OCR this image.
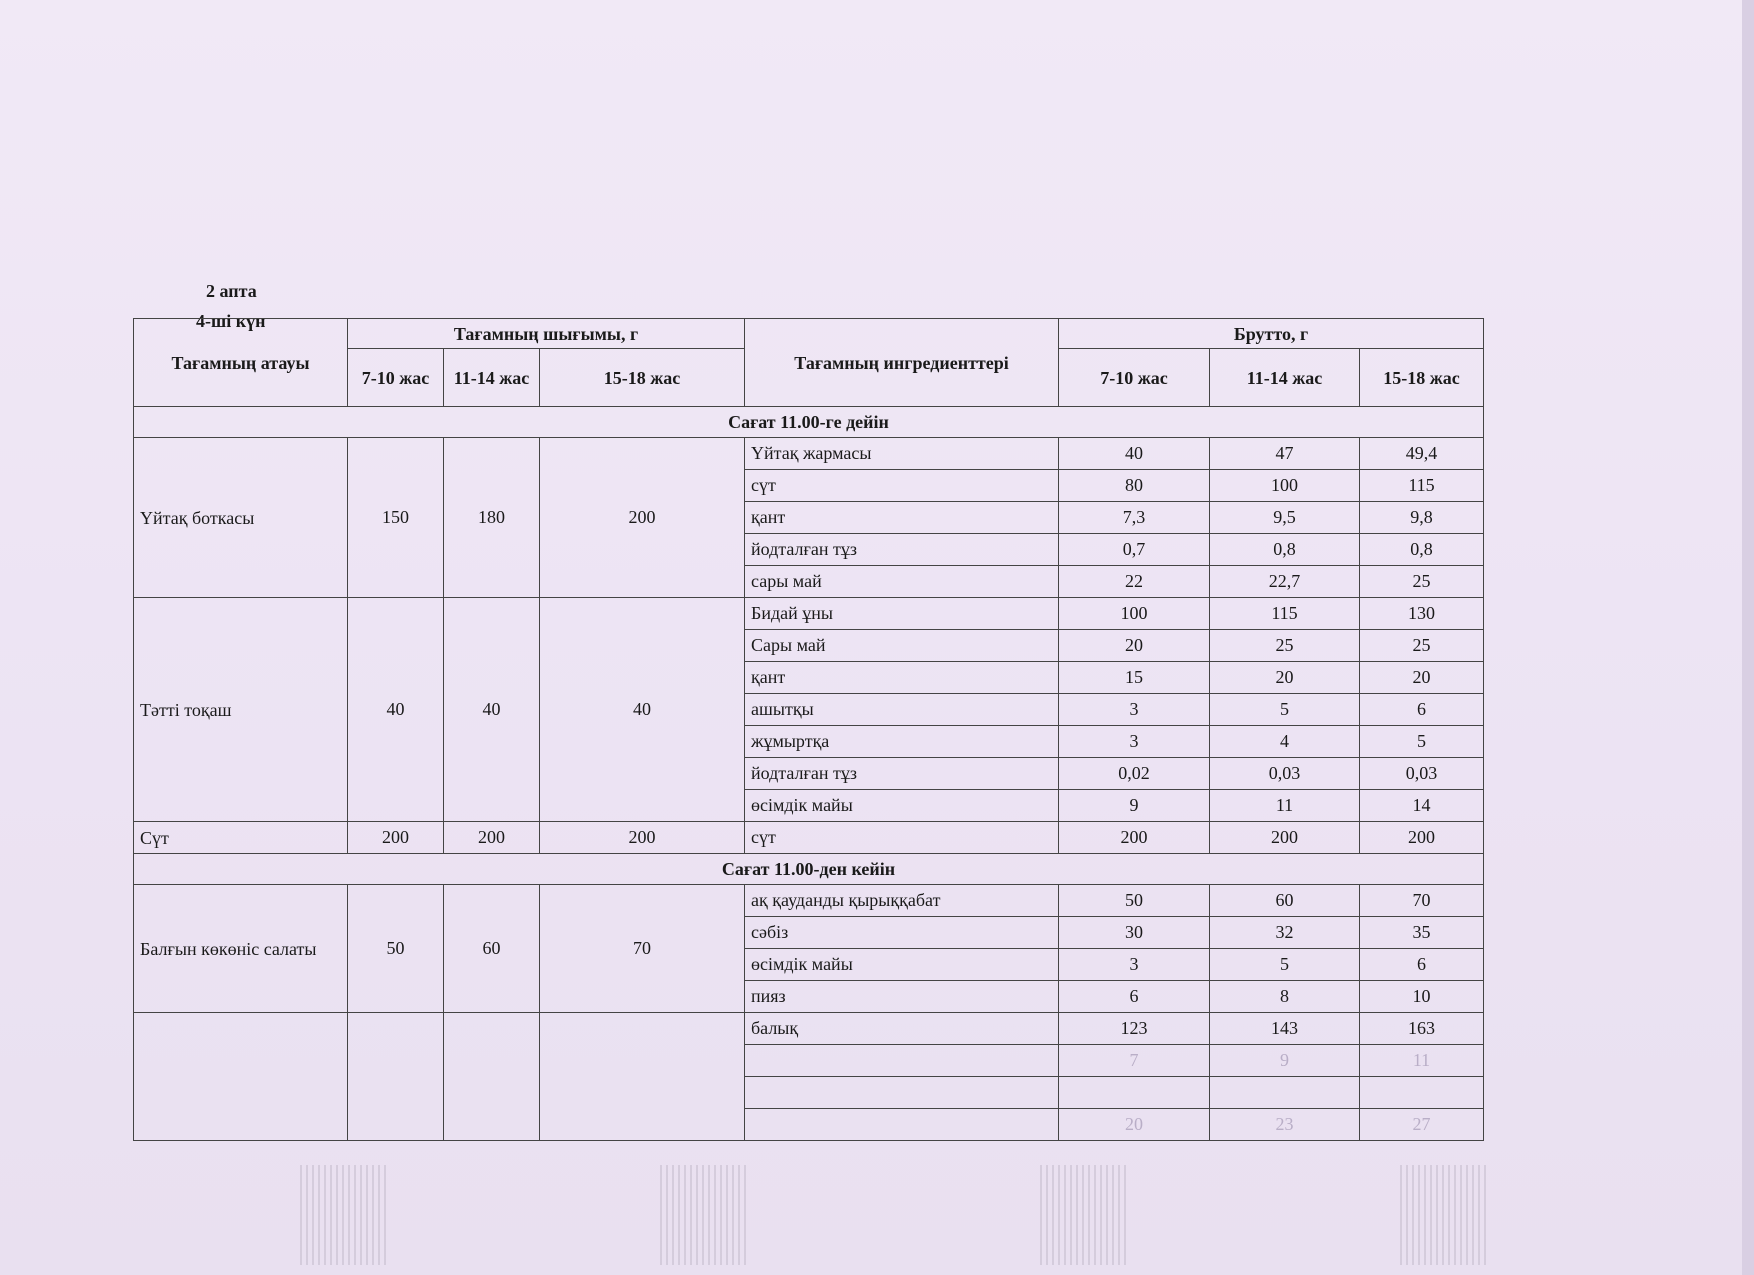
2 апта
4-ші күн
Тағамның атауы	Тағамның шығымы, г			Тағамның ингредиенттері	Брутто, г		
	7-10 жас	11-14 жас	15-18 жас		7-10 жас	11-14 жас	15-18 жас
Сағат 11.00-ге дейін							
Үйтақ боткасы	150	180	200	Үйтақ жармасы	40	47	49,4
				сүт	80	100	115
				қант	7,3	9,5	9,8
				йодталған тұз	0,7	0,8	0,8
				сары май	22	22,7	25
Тәтті тоқаш	40	40	40	Бидай ұны	100	115	130
				Сары май	20	25	25
				қант	15	20	20
				ашытқы	3	5	6
				жұмыртқа	3	4	5
				йодталған тұз	0,02	0,03	0,03
				өсімдік майы	9	11	14
Сүт	200	200	200	сүт	200	200	200
Сағат 11.00-ден кейін							
Балғын көкөніс салаты	50	60	70	ақ қауданды қырыққабат	50	60	70
				сәбіз	30	32	35
				өсімдік майы	3	5	6
				пияз	6	8	10
				балық	123	143	163
					7	9	11

					20	23	27
